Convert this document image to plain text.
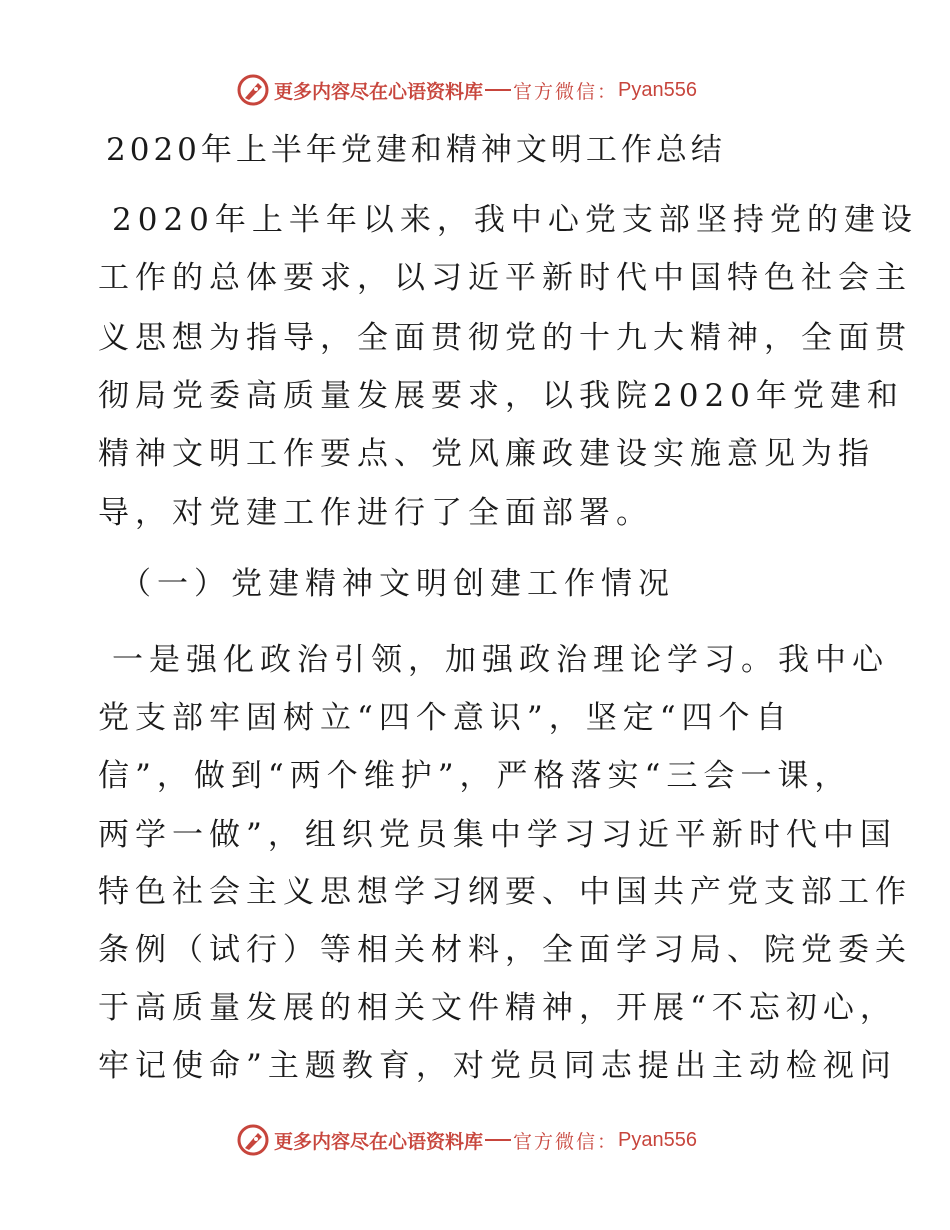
更多内容尽在心语资料库 官方微信： Pyan556
2020年上半年党建和精神文明工作总结
2020年上半年以来，我中心党支部坚持党的建设
工作的总体要求，以习近平新时代中国特色社会主
义思想为指导，全面贯彻党的十九大精神，全面贯
彻局党委高质量发展要求，以我院2020年党建和
精神文明工作要点、党风廉政建设实施意见为指
导，对党建工作进行了全面部署。
（一）党建精神文明创建工作情况
一是强化政治引领，加强政治理论学习。我中心
党支部牢固树立“四个意识”，坚定“四个自
信”，做到“两个维护”，严格落实“三会一课，
两学一做”，组织党员集中学习习近平新时代中国
特色社会主义思想学习纲要、中国共产党支部工作
条例（试行）等相关材料，全面学习局、院党委关
于高质量发展的相关文件精神，开展“不忘初心，
牢记使命”主题教育，对党员同志提出主动检视问
更多内容尽在心语资料库 官方微信： Pyan556
